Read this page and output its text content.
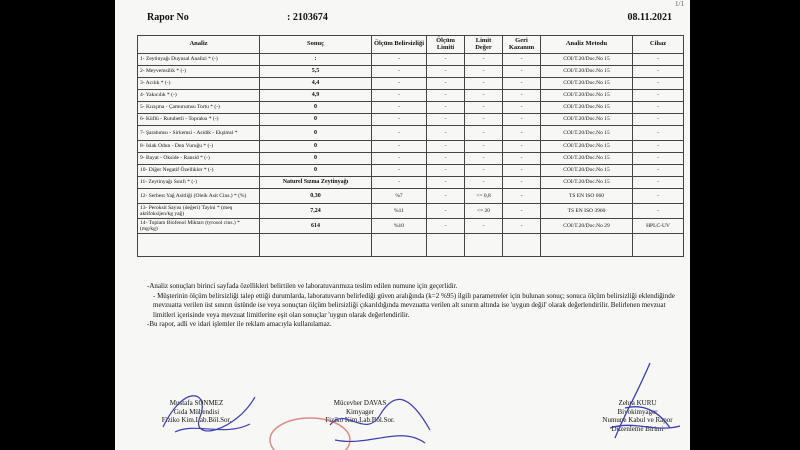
1/1
Rapor No	: 2103674	08.11.2021
Analiz	Sonuç	Ölçüm Belirsizliği	Ölçüm Limiti	Limit Değer	Geri Kazanım	Analiz Metodu	Cihaz
1- Zeytinyağı Duyusal Analizi * (-)	:	-	-	-	-	COI/T.20/Doc.No 15	-
2- Meyvemsilik * (-)	5,5	-	-	-	-	COI/T.20/Doc.No 15	-
3- Acılık * (-)	4,4	-	-	-	-	COI/T.20/Doc.No 15	-
4- Yakıcılık * (-)	4,9	-	-	-	-	COI/T.20/Doc.No 15	-
5- Kızışma - Çamurumsu Tortu * (-)	0	-	-	-	-	COI/T.20/Doc.No 15	-
6- Küflü - Rutubetli - Topraksı * (-)	0	-	-	-	-	COI/T.20/Doc.No 15	-
7- Şarabımsı - Sirkemsi - Asidik - Ekşimsi *	0	-	-	-	-	COI/T.20/Doc.No 15	-
8- Islak Odun - Don Vuruğu * (-)	0	-	-	-	-	COI/T.20/Doc.No 15	-
9- Bayat - Okside - Ransid * (-)	0	-	-	-	-	COI/T.20/Doc.No 15	-
10- Diğer Negatif Özellikler * (-)	0	-	-	-	-	COI/T.20/Doc.No 15	-
11- Zeytinyağı Sınıfı * (-)	Naturel Sızma Zeytinyağı	-	-	-	-	COI/T.20/Doc.No 15	-
12- Serbest Yağ Asitliği (Oleik Asit Cins.) * (%)	0,30	%7	-	<= 0,8	-	TS EN ISO 660	-
13- Peroksit Sayısı (değeri) Tayini * (meq aktifoksijen/kg yağ)	7,24	%11	-	<= 20	-	TS EN ISO 3960	-
14- Toplam Biofenol Miktarı (tyrosol cins.) * (mg/kg)	614	%10	-	-	-	COI/T.20/Doc.No 29	HPLC-UV

-Analiz sonuçları birinci sayfada özellikleri belirtilen ve laboratuvarımıza teslim edilen numune için geçerlidir.

- Müşterinin ölçüm belirsizliği talep ettiği durumlarda, laboratuvarın belirlediği güven aralığında (k=2 %95) ilgili parametreler için bulunan sonuç; sonuca ölçüm belirsizliği eklendiğinde mevzuatta verilen üst sınırın üstünde ise veya sonuçtan ölçüm belirsizliği çıkarıldığında mevzuatta verilen alt sınırın altında ise 'uygun değil' olarak değerlendirilir. Belirlenen mevzuat limitleri içerisinde veya mevzuat limitlerine eşit olan sonuçlar 'uygun olarak değerlendirilir.

-Bu rapor, adli ve idari işlemler ile reklam amacıyla kullanılamaz.

Mustafa SÖNMEZ
Gıda Mühendisi
Fiziko Kim.Lab.Böl.Sor.
Mücevher DAVAS
Kimyager
Fiziko Kim.Lab.Böl.Sor.
Zehra KURU
Biyokimyager
Numune Kabul ve Rapor Düzenleme Birimi
